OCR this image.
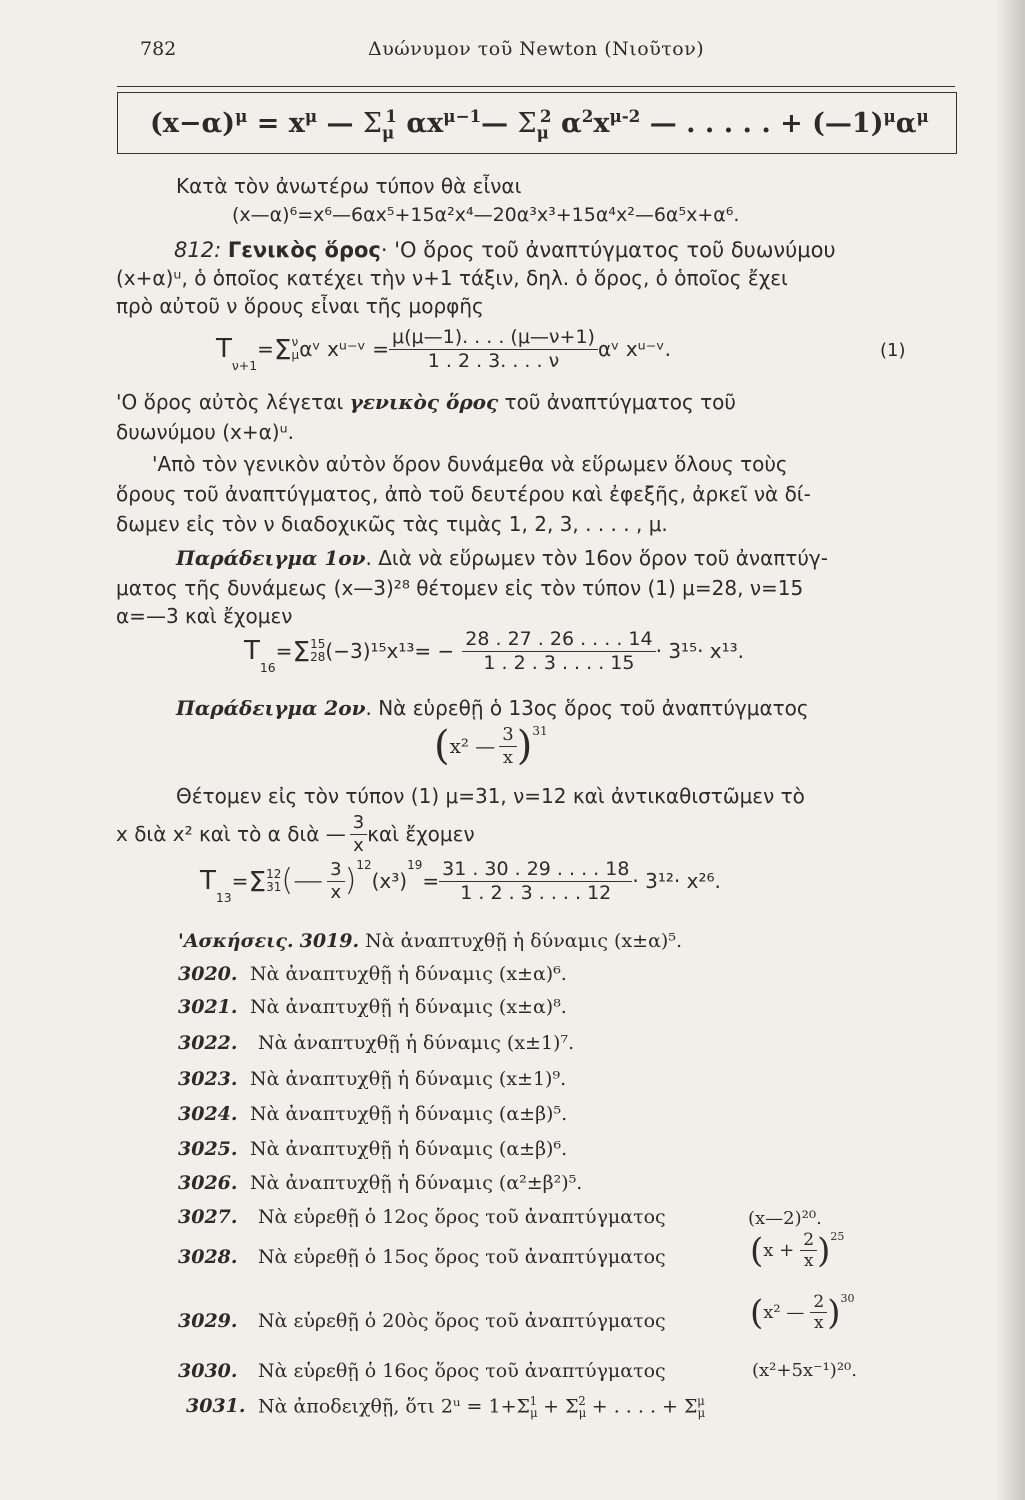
782	Δυώνυμον τοῦ Newton (Νιοῦτον)
$(x-\alpha)^\mu = x^\mu$ — $\Sigma_\mu^1$ $\alpha x^{\mu-1}—$ $\Sigma_\mu^2$ $\alpha^2x^{\mu-2}$ — . . . . . + $(—1)^\mu\alpha^\mu$
Κατὰ τὸν ἀνωτέρω τύπον θὰ εἶναι
(x—α)⁶=x⁶—6αx⁵+15α²x⁴—20α³x³+15α⁴x²—6α⁵x+α⁶.
812: Γενικὸς ὅρος· 'Ο ὅρος τοῦ ἀναπτύγματος τοῦ δυωνύμου
(x+α)ᵘ, ὁ ὁποῖος κατέχει τὴν ν+1 τάξιν, δηλ. ὁ ὅρος, ὁ ὁποῖος ἔχει
πρὸ αὐτοῦ ν ὅρους εἶναι τῆς μορφῆς
T
$_{\nu+1}$
= Σ ν
μ αᵛ xᵘ⁻ᵛ = $\frac{\mu(\mu—1). . . . (\mu—\nu+1)}{1 . 2 . 3. . . . \nu}$ αᵛ xᵘ⁻ᵛ.	(1)
'Ο ὅρος αὐτὸς λέγεται γενικὸς ὅρος τοῦ ἀναπτύγματος τοῦ
δυωνύμου (x+α)ᵘ.
'Απὸ τὸν γενικὸν αὐτὸν ὅρον δυνάμεθα νὰ εὕρωμεν ὅλους τοὺς
ὅρους τοῦ ἀναπτύγματος, ἀπὸ τοῦ δευτέρου καὶ ἐφεξῆς, ἀρκεῖ νὰ δί-
δωμεν εἰς τὸν ν διαδοχικῶς τὰς τιμὰς 1, 2, 3, . . . . , μ.
Παράδειγμα 1ον. Διὰ νὰ εὕρωμεν τὸν 16ον ὅρον τοῦ ἀναπτύγ-
ματος τῆς δυνάμεως (x—3)²⁸ θέτομεν εἰς τὸν τύπον (1) μ=28, ν=15
α=—3 καὶ ἔχομεν
T
$_{16}$
= Σ 15
28 $(-3)^{15}x^{13}= - \frac{28 . 27 . 26 . . . . 14}{1 . 2 . 3 . . . . 15} \cdot 3^{15}\cdot x^{13}$.
Παράδειγμα 2ον. Νὰ εὑρεθῇ ὁ 13ος ὅρος τοῦ ἀναπτύγματος
( x² — $\frac{3}{x} )^{31}$
Θέτομεν εἰς τὸν τύπον (1) μ=31, ν=12 καὶ ἀντικαθιστῶμεν τὸ
x διὰ x² καὶ τὸ α διὰ — $\frac{3}{x}$ καὶ ἔχομεν
T
$_{13}$
= Σ 12
31 (— $\frac{3}{x} )^{12}$
(x³)
$^{19}$
= $\frac{31 . 30 . 29 . . . . 18}{1 . 2 . 3 . . . . 12} \cdot 3^{12}\cdot x^{26}$.
'Ασκήσεις. 3019. Νὰ ἀναπτυχθῇ ἡ δύναμις (x±α)⁵.
3020. Νὰ ἀναπτυχθῇ ἡ δύναμις (x±α)⁶.
3021. Νὰ ἀναπτυχθῇ ἡ δύναμις (x±α)⁸.
3022. Νὰ ἀναπτυχθῇ ἡ δύναμις (x±1)⁷.
3023. Νὰ ἀναπτυχθῇ ἡ δύναμις (x±1)⁹.
3024. Νὰ ἀναπτυχθῇ ἡ δύναμις (α±β)⁵.
3025. Νὰ ἀναπτυχθῇ ἡ δύναμις (α±β)⁶.
3026. Νὰ ἀναπτυχθῇ ἡ δύναμις (α²±β²)⁵.
3027. Νὰ εὑρεθῇ ὁ 12ος ὅρος τοῦ ἀναπτύγματος	(x—2)²⁰.
3028. Νὰ εὑρεθῇ ὁ 15ος ὅρος τοῦ ἀναπτύγματος ( $x + \frac{2}{x} )^{25}$
3029. Νὰ εὑρεθῇ ὁ 20ὸς ὅρος τοῦ ἀναπτύγματος ( x² — $\frac{2}{x} )^{30}$
3030. Νὰ εὑρεθῇ ὁ 16ος ὅρος τοῦ ἀναπτύγματος	(x²+5x⁻¹)²⁰.
3031. Νὰ ἀποδειχθῇ, ὅτι 2ᵘ = $1+\Sigma_\mu^1 + \Sigma_\mu^2$ + . . . . + $\Sigma_\mu^\mu$
